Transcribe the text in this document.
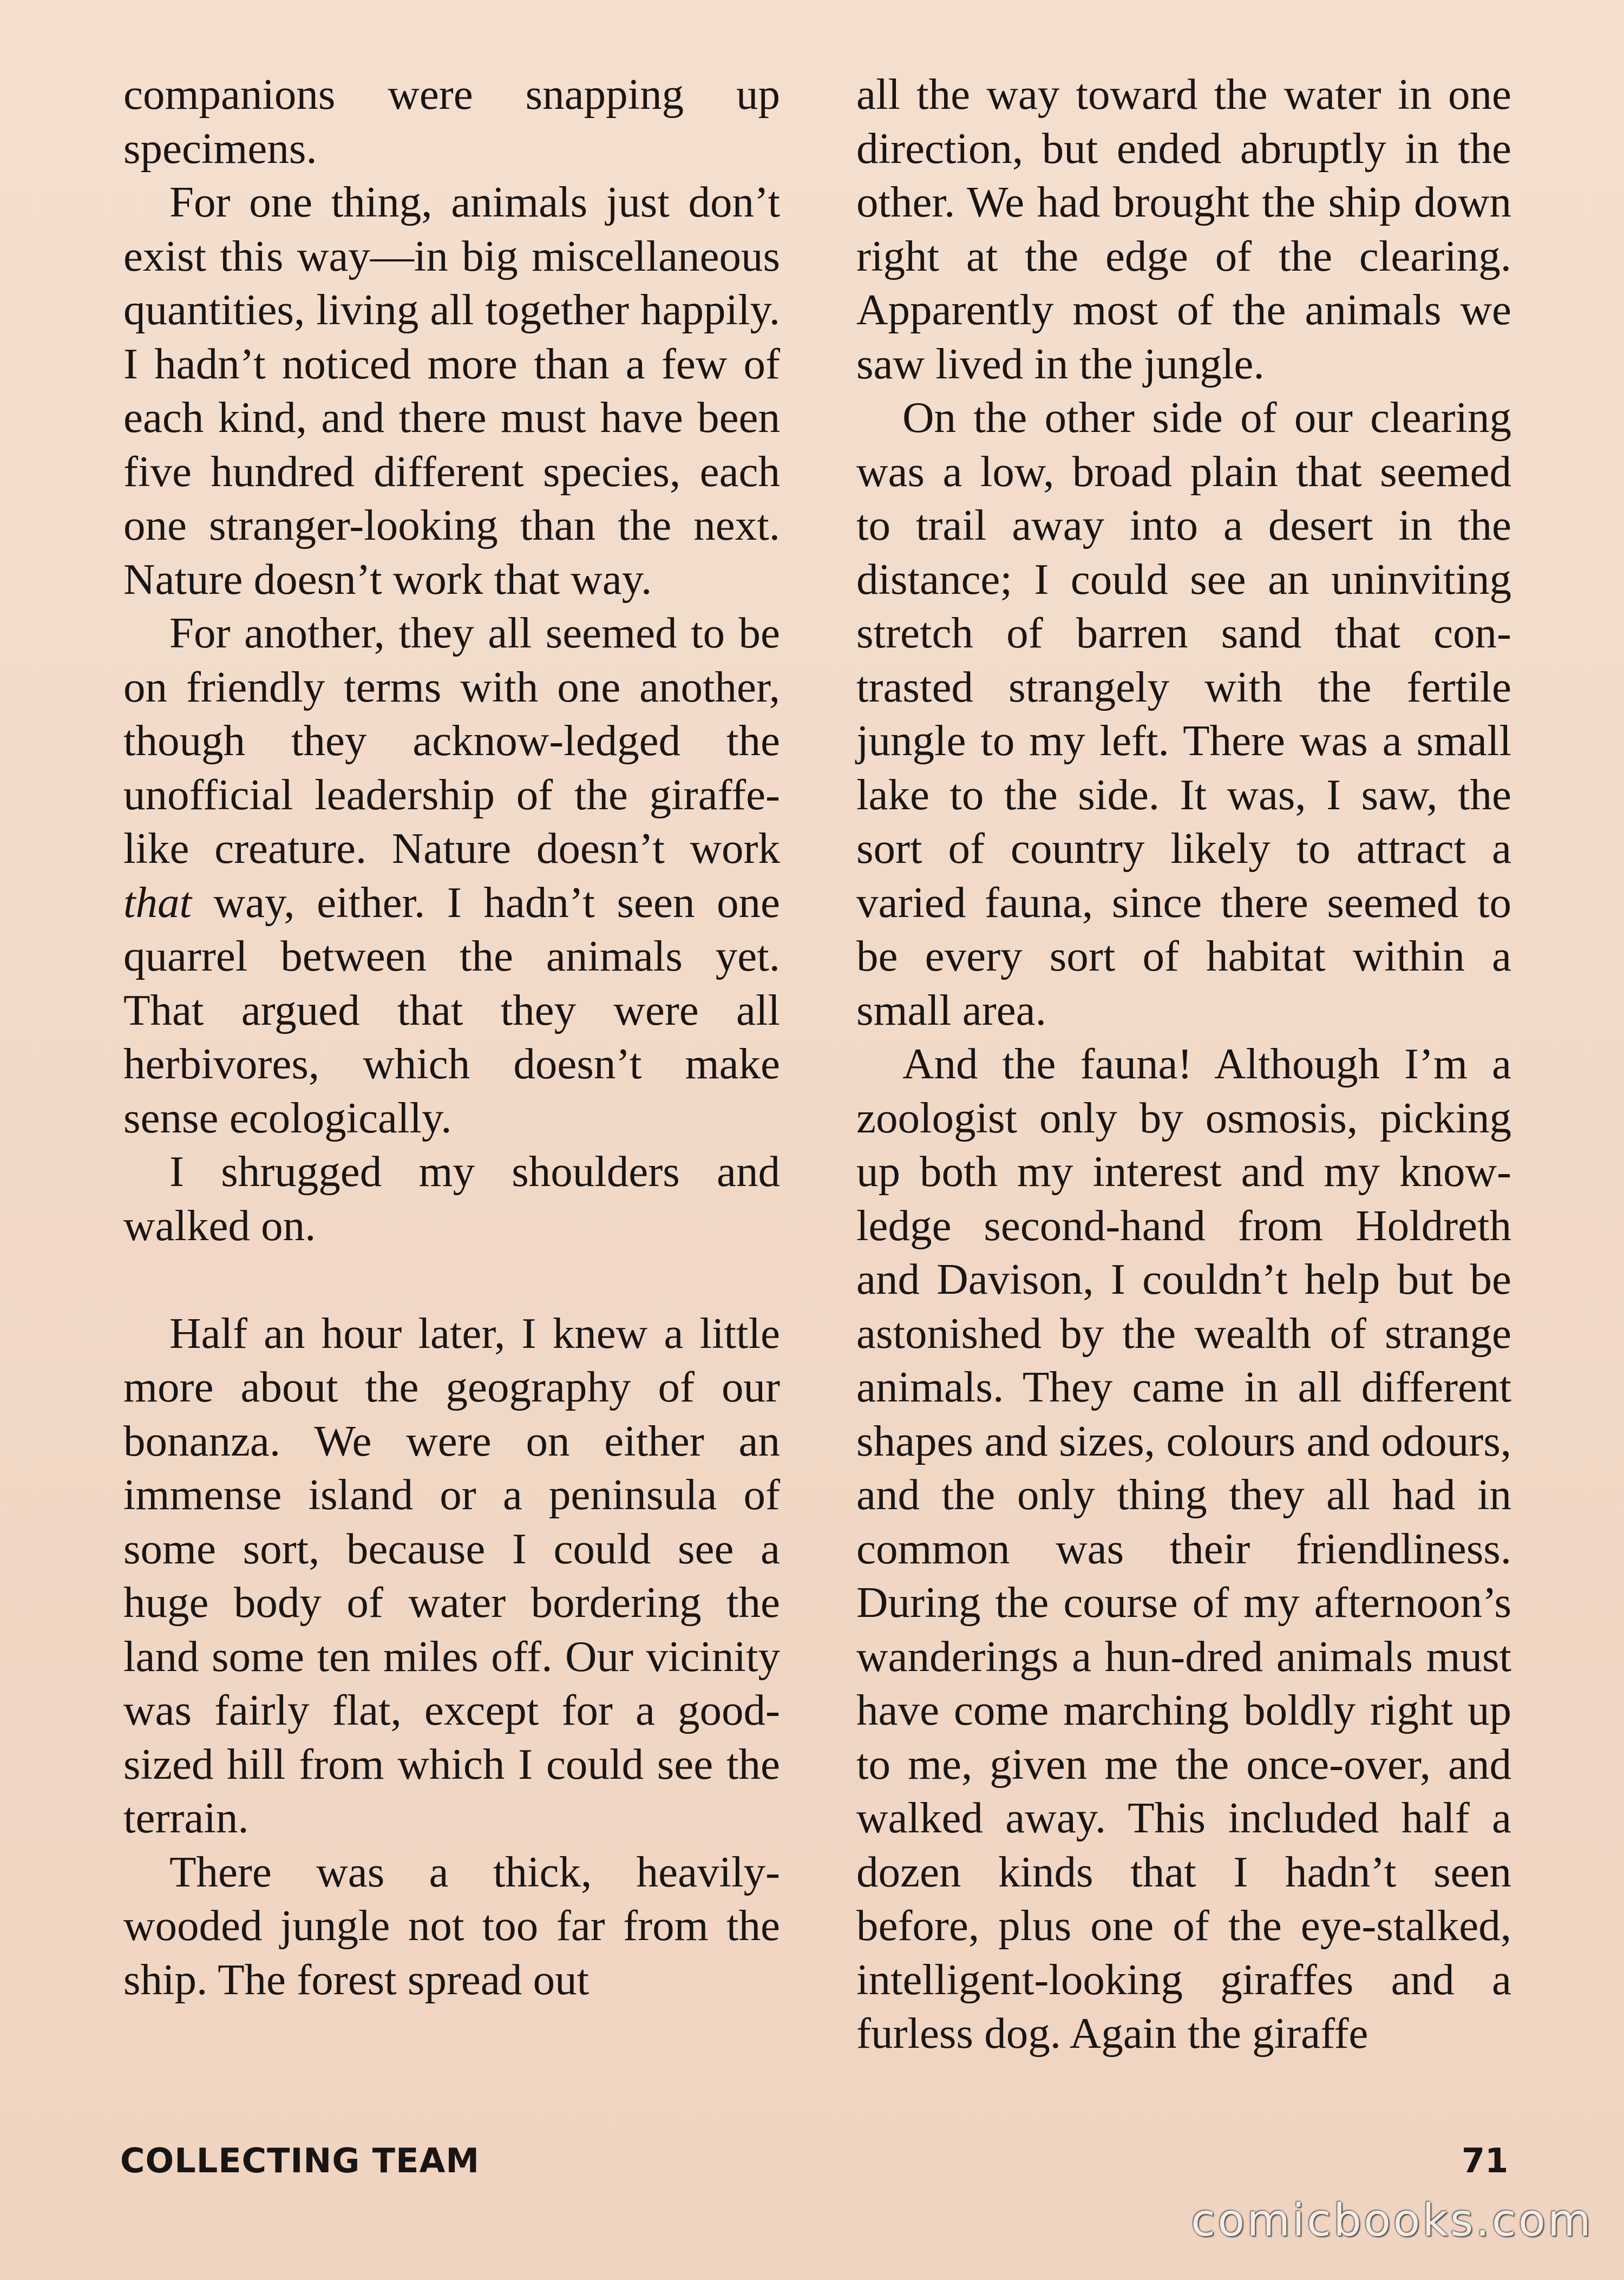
companions were snapping up specimens.

For one thing, animals just don’t exist this way—in big miscellaneous quantities, living all together happily. I hadn’t noticed more than a few of each kind, and there must have been five hundred different species, each one stranger-looking than the next. Nature doesn’t work that way.

For another, they all seemed to be on friendly terms with one another, though they acknow-ledged the unofficial leadership of the giraffe-like creature. Nature doesn’t work that way, either. I hadn’t seen one quarrel between the animals yet. That argued that they were all herbivores, which doesn’t make sense ecologically.

I shrugged my shoulders and walked on.

Half an hour later, I knew a little more about the geography of our bonanza. We were on either an immense island or a peninsula of some sort, because I could see a huge body of water bordering the land some ten miles off. Our vicinity was fairly flat, except for a good-sized hill from which I could see the terrain.

There was a thick, heavily-wooded jungle not too far from the ship. The forest spread out

all the way toward the water in one direction, but ended abruptly in the other. We had brought the ship down right at the edge of the clearing. Apparently most of the animals we saw lived in the jungle.

On the other side of our clearing was a low, broad plain that seemed to trail away into a desert in the distance; I could see an uninviting stretch of barren sand that con-trasted strangely with the fertile jungle to my left. There was a small lake to the side. It was, I saw, the sort of country likely to attract a varied fauna, since there seemed to be every sort of habitat within a small area.

And the fauna! Although I’m a zoologist only by osmosis, picking up both my interest and my know-ledge second-hand from Holdreth and Davison, I couldn’t help but be astonished by the wealth of strange animals. They came in all different shapes and sizes, colours and odours, and the only thing they all had in common was their friendliness. During the course of my afternoon’s wanderings a hun-dred animals must have come marching boldly right up to me, given me the once-over, and walked away. This included half a dozen kinds that I hadn’t seen before, plus one of the eye-stalked, intelligent-looking giraffes and a furless dog. Again the giraffe

COLLECTING TEAM	71
comicbooks.com
